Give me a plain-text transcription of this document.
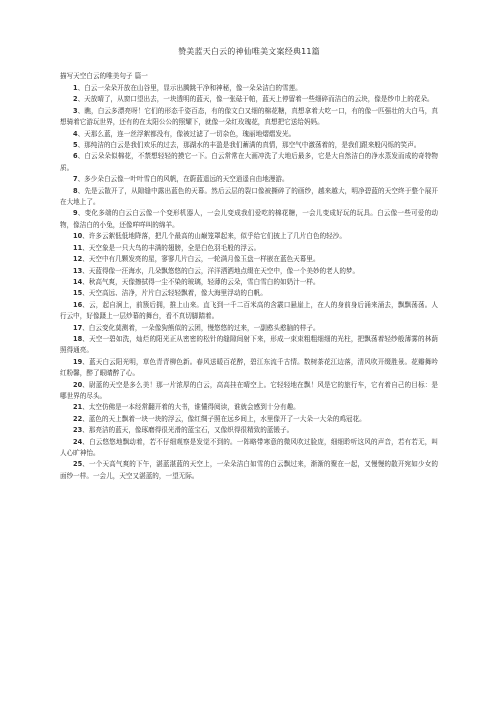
赞美蓝天白云的神仙唯美文案经典11篇
描写天空白云的唯美句子 篇一

1、白云一朵朵开放在山谷里，显示出腾跳干净和神秘，像一朵朵洁白的雪莲。

2、天放晴了，从窗口望出去，一块透明的蓝天，像一张砝于帕，蓝天上停留着一些细碎而洁白的云块，像是纱巾上的花朵。

3、瞧，白云多漂亮呀！它们的形态千姿百态，有的像文白又细的棉花糖，真想拿着大吃一口，有的像一匹强壮的大白马，真想骑着它游玩世界，还有的在太阳公公的照耀下，就像一朵红玫瑰花，真想把它送给妈妈。

4、天那么蓝，连一丝浮絮都没有，像被过滤了一切杂色，瑰丽地熠熠发光。

5、那纯洁的白云是我们欢乐的过去，那湖水的丰盈是我们蓄满的真情，那空气中激荡着的，是我们跟来般闪烁的笑声。

6、白云朵朵似棉花，不禁想轻轻的摸它一下。白云常常在大画冲洗了大地后最多，它是大自然洁白的净水蒸发而成的奇特物质。

7、多少朵白云像一叶叶雪白的风帆，在蔚蓝遥远的天空逍遥自由地漫游。

8、先是云散开了，从隙缝中露出蓝色的天幕。然后云层的裂口像被撕碎了的画纱，越来越大，明净碧蓝的天空终于整个展开在大地上了。

9、变化多端的白云白云像一个变形机器人，一会儿变成我们爱吃的棉花糖，一会儿变成好玩的玩具。白云像一些可爱的动物，像洁白的小兔，还像咩咩叫的绵羊。

10、许多云絮低低地降落，把几个最高的山巅笼罩起来，似乎给它们披上了几片白色的轻沙。

11、天空象是一只大鸟的丰满的翅膀，全是白色羽毛般的浮云。

12、天空中有几颗发亮的星，寥寥几片白云，一轮满月像玉盘一样嵌在蓝色天幕里。

13、天蓝得像一汪海水，几朵飘悠悠的白云，洋洋洒洒地点缀在天空中，像一个美妙的老人的梦。

14、秋高气爽，天像擦拭得一尘不染的玻璃，轻薄的云朵，雪白雪白的如奶汁一样。

15、天空高远、洁净，片片白云轻轻飘着，像大海里浮动的白帆。

16、云，起自涧上，前簇后拥，推上山来。直飞到一千二百米高的含霰口悬崖上，在人的身前身后涌来涌去，飘飘荡荡。人行云中，好像蹑上一层炒幕的舞台，看不真切脚踏着。

17、白云变化莫测着，一朵像狗熊似的云团，慢悠悠的过来，一副憨头憨脑的样子。

18、天空一碧如洗，灿烂的阳光正从密密的松针的缝隙间射下来，形成一束束粗粗细细的光柱，把飘荡着轻纱般薄雾的林荫照得通亮。

19、蓝天白云阳光明，草色青青柳色新。春风送暖百花醉，碧江东流千古情。数树茶花江边落，清风吹开缀胜景。花瓣舞吟红粉馨，醉了眼睛醉了心。

20、尉蓝的天空是多么美！那一片浓厚的白云，高高挂在晴空上。它轻轻地在飘！风是它的旅行车，它有着自己的目标：是哪世界的尽头。

21、太空仿佛是一本经常翻开着的大书，谁懂得阅读，谁就会感到十分有趣。

22、蓝色的天上飘着一块一块的浮云，像红绸子照在远乡间上，水里像开了一大朵一大朵的鸡冠花。

23、那亮洁的蓝天，像琢磨得很光滑的蓝宝石，又像织得很精致的蓝锻子。

24、白云悠悠地飘动着，若不仔细观察是发觉不到的。一阵略带寒意的微风吹过脸庞，细细聆听这风的声音，若有若无，叫人心旷神怡。

25、一个天高气爽的下午，湛蓝湛蓝的天空上，一朵朵洁白如雪的白云飘过来，渐渐的聚在一起，又慢慢的散开宛如少女的面纱一样。一会儿，天空又湛蓝的，一望无际。
